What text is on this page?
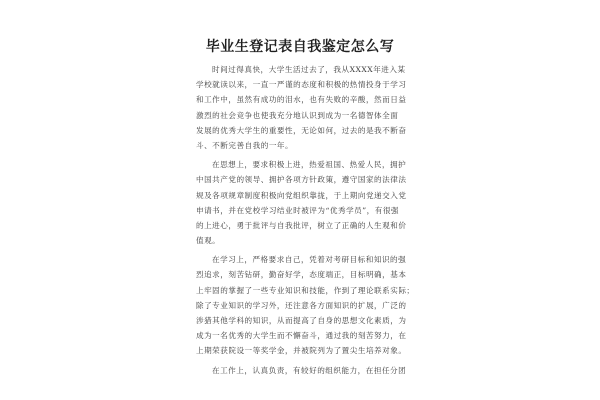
毕业生登记表自我鉴定怎么写
时间过得真快，大学生活过去了，我从XXXX年进入某
学校就读以来，一直一严谨的态度和积极的热情投身于学习
和工作中，虽然有成功的泪水，也有失败的辛酸，然而日益
激烈的社会竞争也使我充分地认识到成为一名德智体全面
发展的优秀大学生的重要性，无论如何，过去的是我不断奋
斗、不断完善自我的一年。
在思想上，要求积极上进，热爱祖国、热爱人民，拥护
中国共产党的领导、拥护各项方针政策，遵守国家的法律法
规及各项规章制度积极向党组织靠拢，于上期向党递交入党
申请书，并在党校学习结业时被评为“优秀学员”，有很强
的上进心，勇于批评与自我批评，树立了正确的人生观和价
值观。
在学习上，严格要求自己，凭着对考研目标和知识的强
烈追求，刻苦钻研，勤奋好学，态度端正，目标明确，基本
上牢固的掌握了一些专业知识和技能，作到了理论联系实际；
除了专业知识的学习外，还注意各方面知识的扩展，广泛的
涉猎其他学科的知识，从而提高了自身的思想文化素质，为
成为一名优秀的大学生而不懈奋斗，通过我的刻苦努力，在
上期荣获院设一等奖学金，并被院列为了置尖生培养对象。
在工作上，认真负责，有较好的组织能力，在担任分团
